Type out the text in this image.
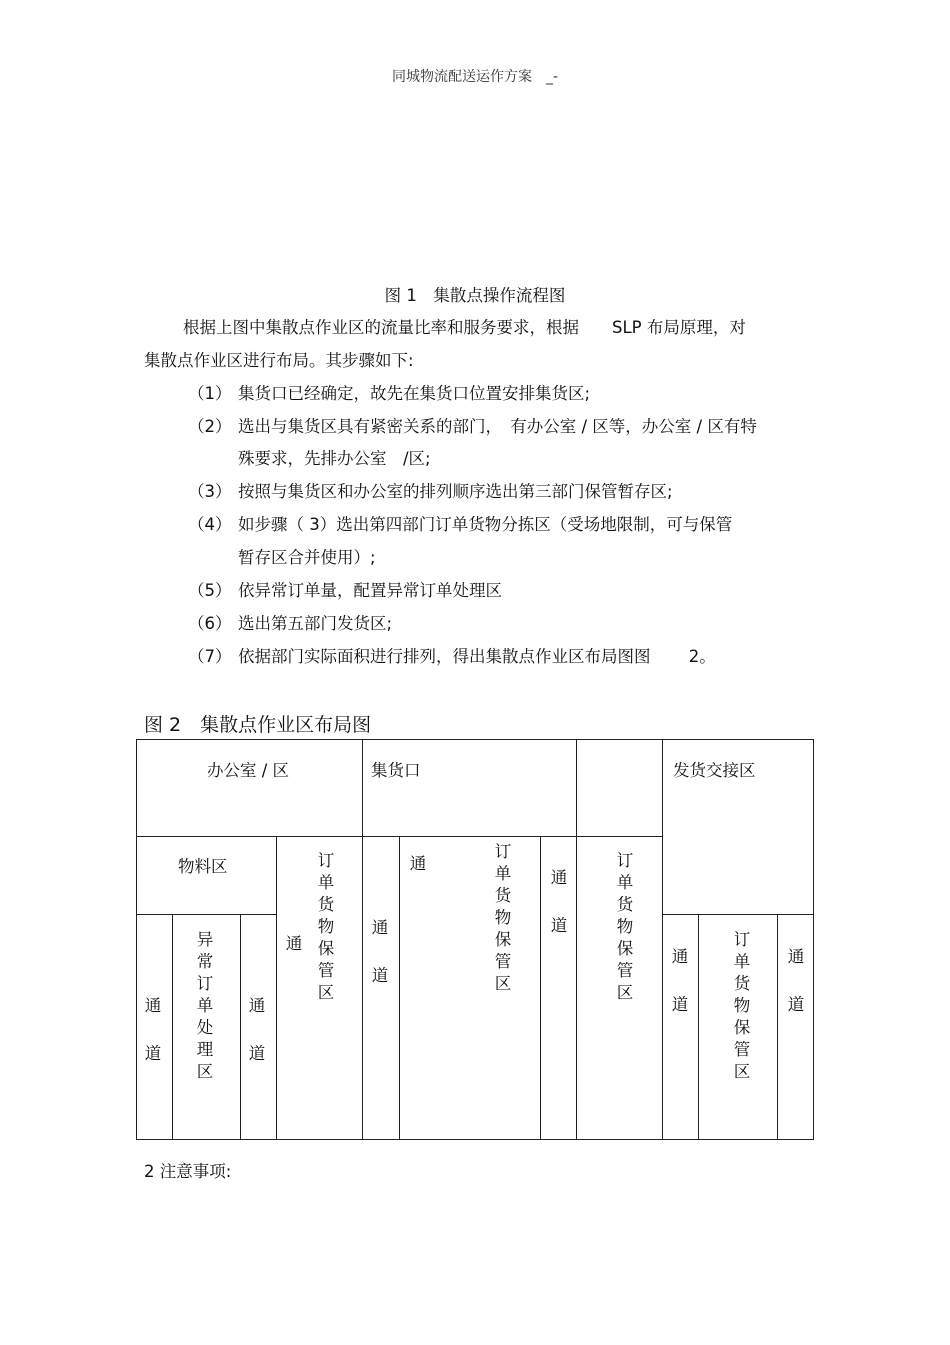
同城物流配送运作方案　_-
图 1　集散点操作流程图
根据上图中集散点作业区的流量比率和服务要求，根据　　SLP 布局原理，对
集散点作业区进行布局。其步骤如下:
（1） 集货口已经确定，故先在集货口位置安排集货区;
（2） 选出与集货区具有紧密关系的部门，　有办公室 / 区等，办公室 / 区有特
殊要求，先排办公室　/区;
（3） 按照与集货区和办公室的排列顺序选出第三部门保管暂存区;
（4） 如步骤（ 3）选出第四部门订单货物分拣区（受场地限制，可与保管
暂存区合并使用）;
（5） 依异常订单量，配置异常订单处理区
（6） 选出第五部门发货区;
（7） 依据部门实际面积进行排列，得出集散点作业区布局图图　　 2。
图 2　集散点作业区布局图
办公室 / 区	集货口	发货交接区
物料区
通道
异常订单处理区
通道
通
订单货物保管区
通道
通
订单货物保管区
通道
订单货物保管区
通道
订单货物保管区
通道
2 注意事项:
